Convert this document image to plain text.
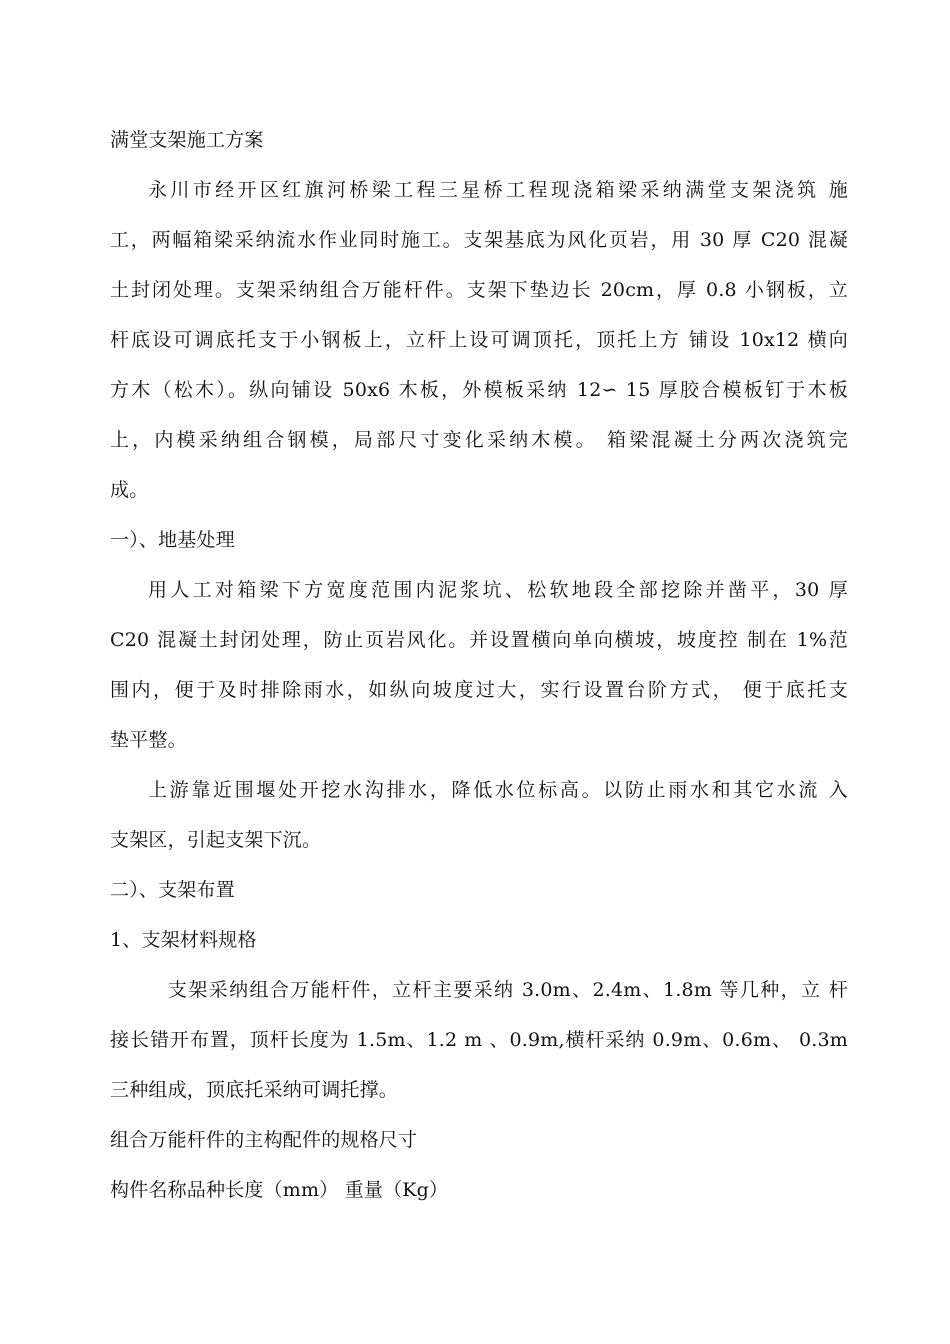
满堂支架施工方案
永川市经开区红旗河桥梁工程三星桥工程现浇箱梁采纳满堂支架浇筑 施
工，两幅箱梁采纳流水作业同时施工。支架基底为风化页岩，用 30 厚 C20 混凝
土封闭处理。支架采纳组合万能杆件。支架下垫边长 20cm，厚 0.8 小钢板，立
杆底设可调底托支于小钢板上，立杆上设可调顶托，顶托上方 铺设 10x12 横向
方木（松木）。纵向铺设 50x6 木板，外模板采纳 12∽ 15 厚胶合模板钉于木板
上，内模采纳组合钢模，局部尺寸变化采纳木模。 箱梁混凝土分两次浇筑完
成。
一）、地基处理
用人工对箱梁下方宽度范围内泥浆坑、松软地段全部挖除并凿平，30 厚
C20 混凝土封闭处理，防止页岩风化。并设置横向单向横坡，坡度控 制在 1%范
围内，便于及时排除雨水，如纵向坡度过大，实行设置台阶方式， 便于底托支
垫平整。
上游靠近围堰处开挖水沟排水，降低水位标高。以防止雨水和其它水流 入
支架区，引起支架下沉。
二）、支架布置
1、支架材料规格
支架采纳组合万能杆件，立杆主要采纳 3.0m、2.4m、1.8m 等几种，立 杆
接长错开布置，顶杆长度为 1.5m、1.2 m 、0.9m,横杆采纳 0.9m、0.6m、 0.3m
三种组成，顶底托采纳可调托撑。
组合万能杆件的主构配件的规格尺寸
构件名称品种长度（mm） 重量（Kg）
